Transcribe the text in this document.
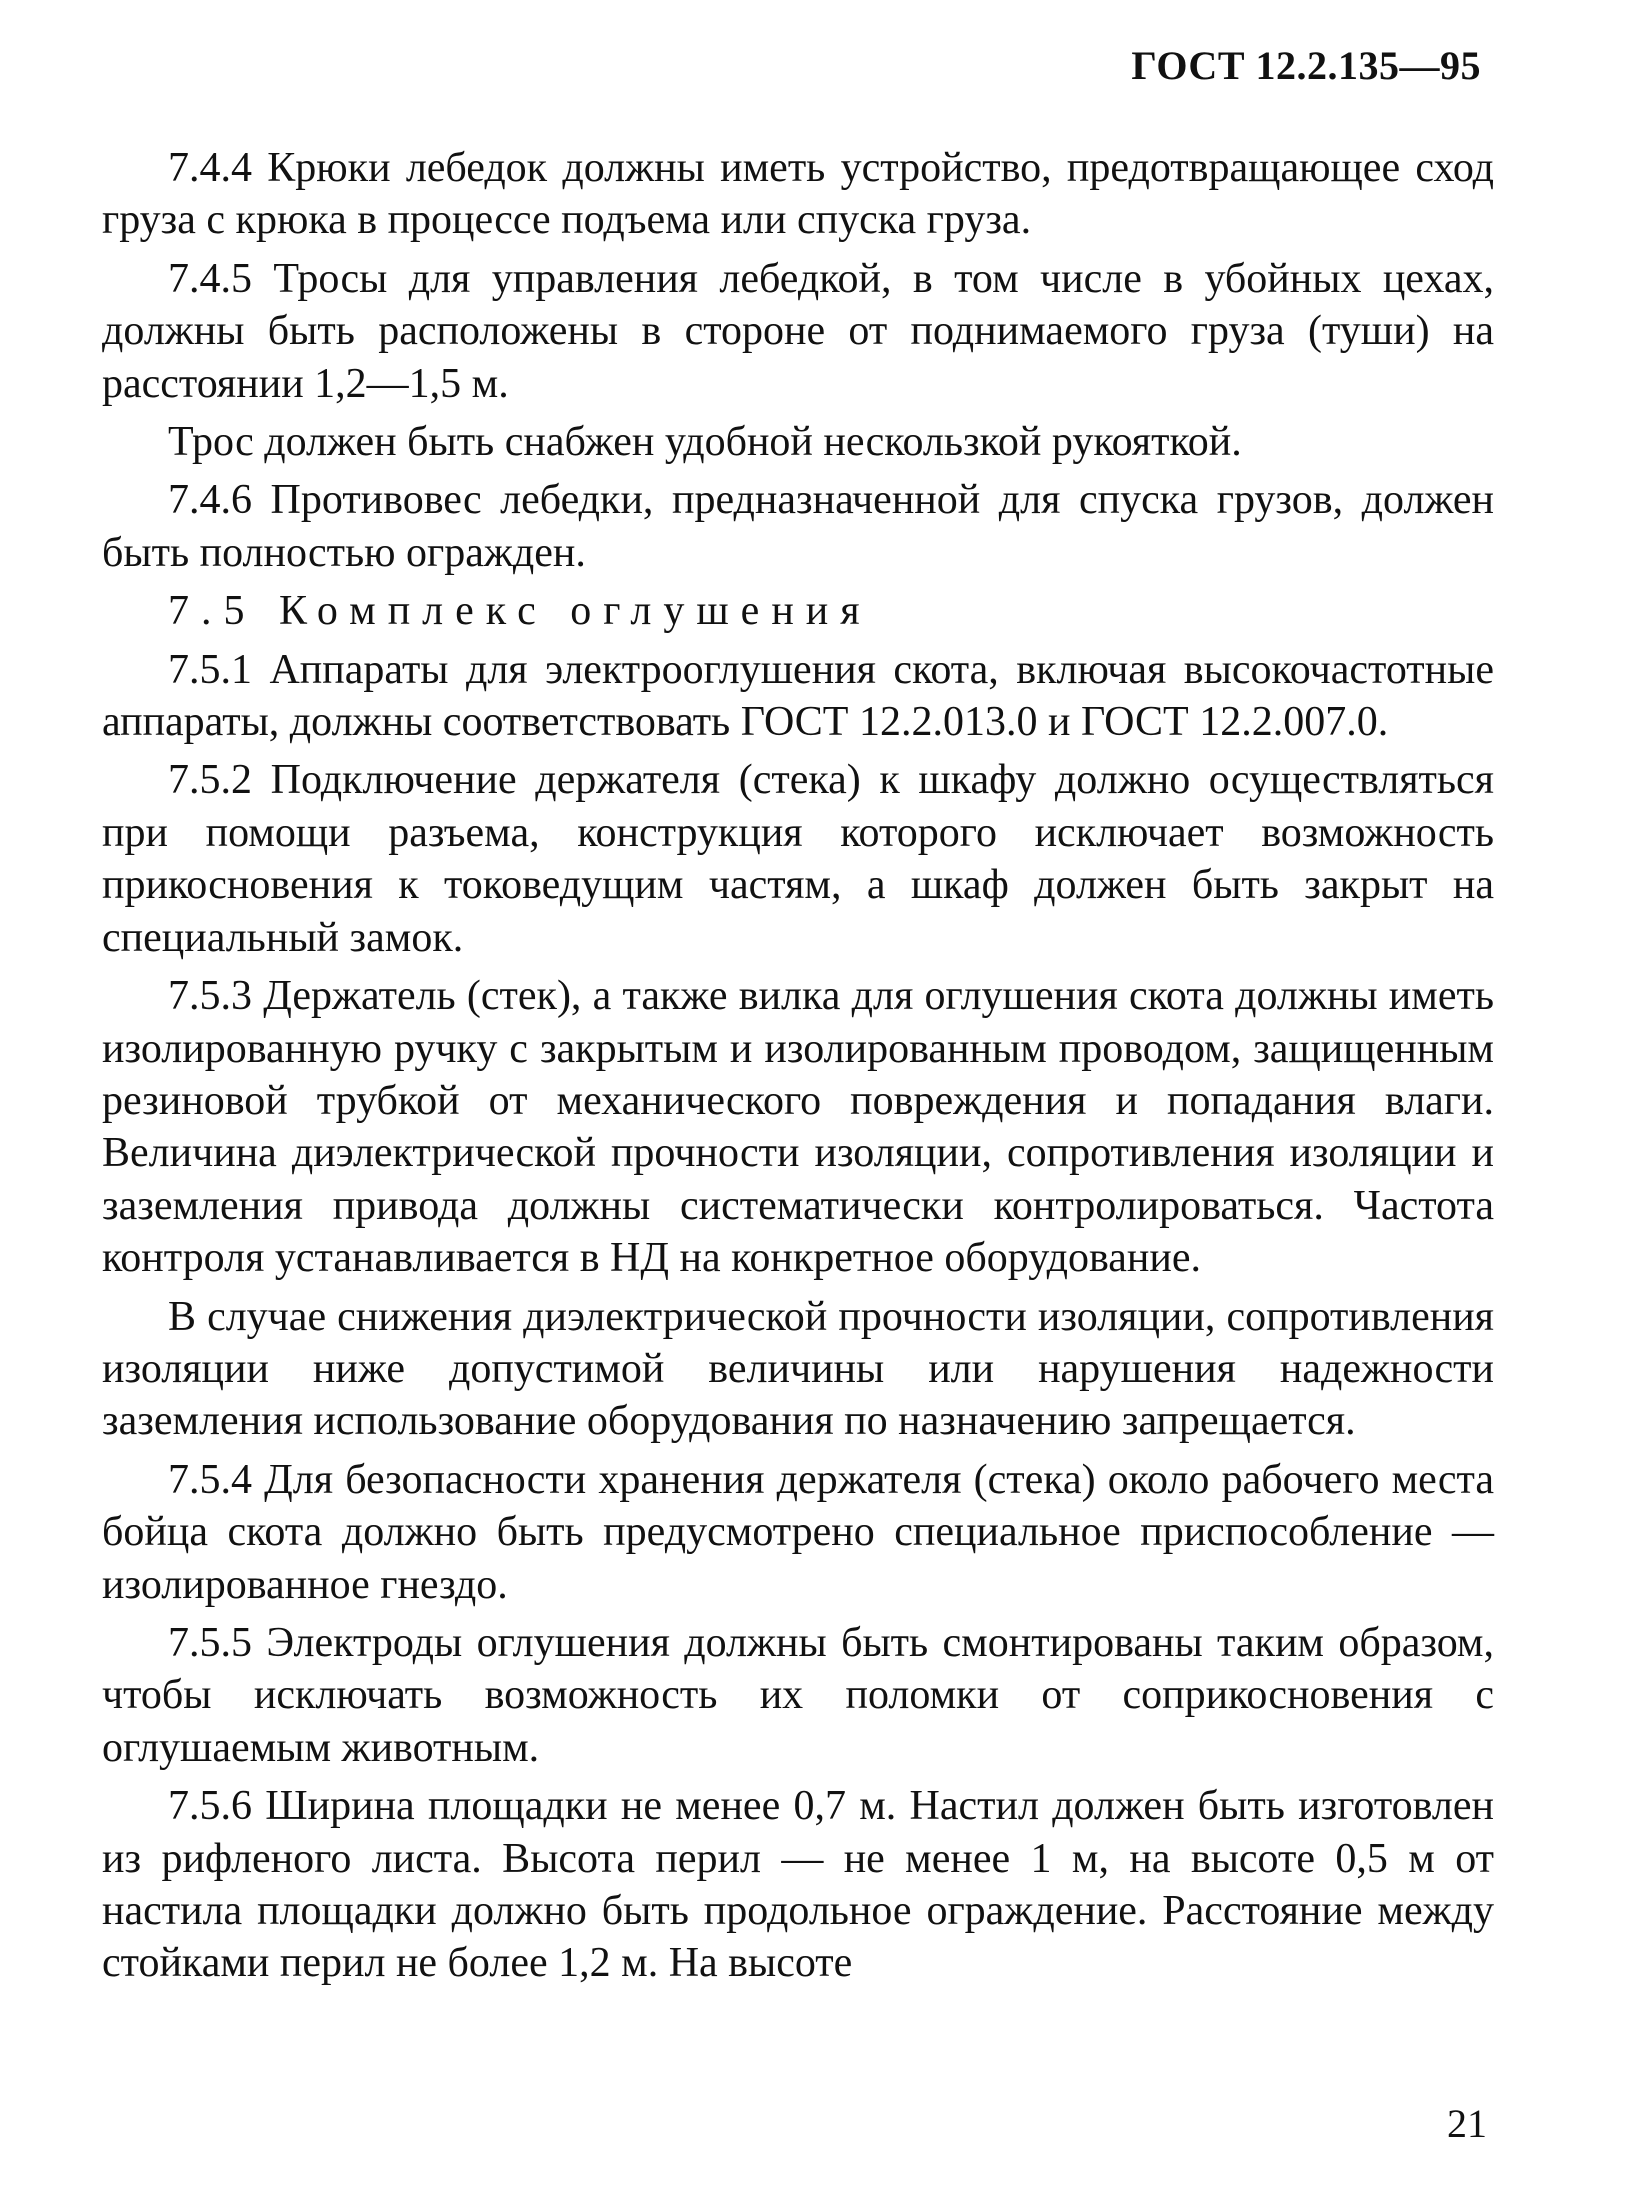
ГОСТ 12.2.135—95

7.4.4 Крюки лебедок должны иметь устройство, предотвращающее сход груза с крюка в процессе подъема или спуска груза.

7.4.5 Тросы для управления лебедкой, в том числе в убойных цехах, должны быть расположены в стороне от поднимаемого груза (туши) на расстоянии 1,2—1,5 м.

Трос должен быть снабжен удобной нескользкой рукояткой.

7.4.6 Противовес лебедки, предназначенной для спуска грузов, должен быть полностью огражден.

7.5 Комплекс оглушения

7.5.1 Аппараты для электрооглушения скота, включая высокочастотные аппараты, должны соответствовать ГОСТ 12.2.013.0 и ГОСТ 12.2.007.0.

7.5.2 Подключение держателя (стека) к шкафу должно осуществляться при помощи разъема, конструкция которого исключает возможность прикосновения к токоведущим частям, а шкаф должен быть закрыт на специальный замок.

7.5.3 Держатель (стек), а также вилка для оглушения скота должны иметь изолированную ручку с закрытым и изолированным проводом, защищенным резиновой трубкой от механического повреждения и попадания влаги. Величина диэлектрической прочности изоляции, сопротивления изоляции и заземления привода должны систематически контролироваться. Частота контроля устанавливается в НД на конкретное оборудование.

В случае снижения диэлектрической прочности изоляции, сопротивления изоляции ниже допустимой величины или нарушения надежности заземления использование оборудования по назначению запрещается.

7.5.4 Для безопасности хранения держателя (стека) около рабочего места бойца скота должно быть предусмотрено специальное приспособление — изолированное гнездо.

7.5.5 Электроды оглушения должны быть смонтированы таким образом, чтобы исключать возможность их поломки от соприкосновения с оглушаемым животным.

7.5.6 Ширина площадки не менее 0,7 м. Настил должен быть изготовлен из рифленого листа. Высота перил — не менее 1 м, на высоте 0,5 м от настила площадки должно быть продольное ограждение. Расстояние между стойками перил не более 1,2 м. На высоте

21
